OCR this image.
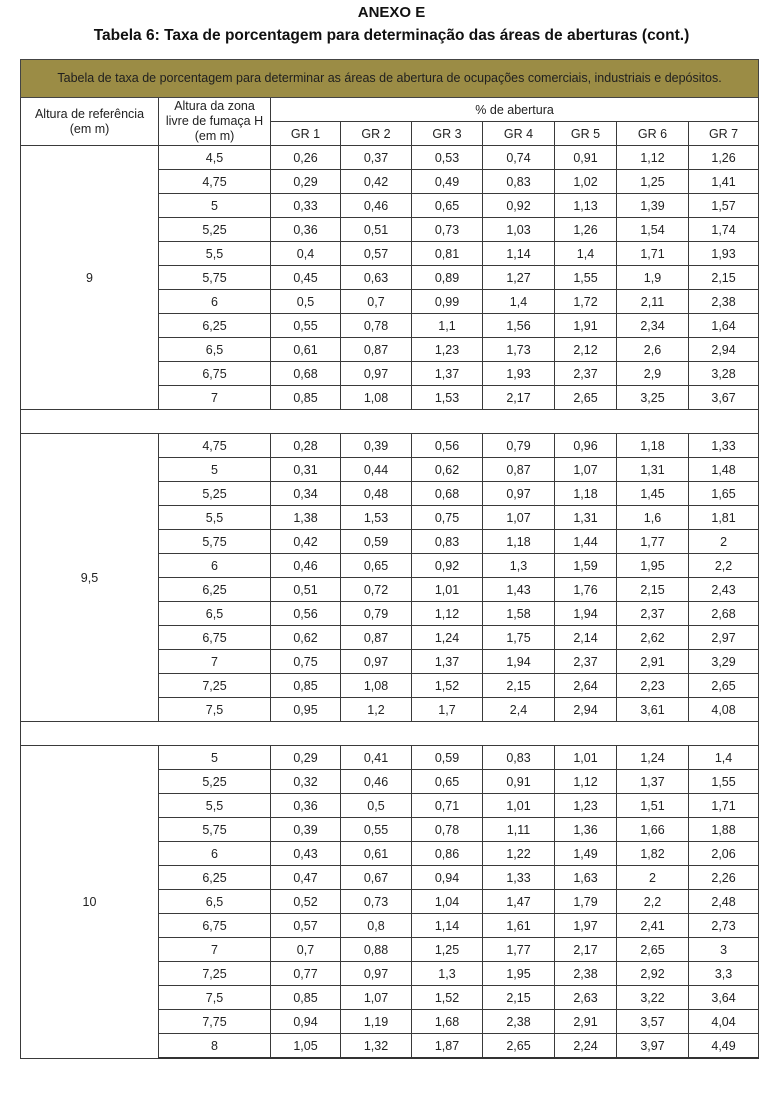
ANEXO E
Tabela 6: Taxa de porcentagem para determinação das áreas de aberturas (cont.)
Tabela de taxa de porcentagem para determinar as áreas de abertura de ocupações comerciais, industriais e depósitos.								
Altura de referência
(em m)	Altura da zona
livre de fumaça H
(em m)	% de abertura						
		GR 1	GR 2	GR 3	GR 4	GR 5	GR 6	GR 7
9	4,5	0,26	0,37	0,53	0,74	0,91	1,12	1,26
	4,75	0,29	0,42	0,49	0,83	1,02	1,25	1,41
	5	0,33	0,46	0,65	0,92	1,13	1,39	1,57
	5,25	0,36	0,51	0,73	1,03	1,26	1,54	1,74
	5,5	0,4	0,57	0,81	1,14	1,4	1,71	1,93
	5,75	0,45	0,63	0,89	1,27	1,55	1,9	2,15
	6	0,5	0,7	0,99	1,4	1,72	2,11	2,38
	6,25	0,55	0,78	1,1	1,56	1,91	2,34	1,64
	6,5	0,61	0,87	1,23	1,73	2,12	2,6	2,94
	6,75	0,68	0,97	1,37	1,93	2,37	2,9	3,28
	7	0,85	1,08	1,53	2,17	2,65	3,25	3,67

9,5	4,75	0,28	0,39	0,56	0,79	0,96	1,18	1,33
	5	0,31	0,44	0,62	0,87	1,07	1,31	1,48
	5,25	0,34	0,48	0,68	0,97	1,18	1,45	1,65
	5,5	1,38	1,53	0,75	1,07	1,31	1,6	1,81
	5,75	0,42	0,59	0,83	1,18	1,44	1,77	2
	6	0,46	0,65	0,92	1,3	1,59	1,95	2,2
	6,25	0,51	0,72	1,01	1,43	1,76	2,15	2,43
	6,5	0,56	0,79	1,12	1,58	1,94	2,37	2,68
	6,75	0,62	0,87	1,24	1,75	2,14	2,62	2,97
	7	0,75	0,97	1,37	1,94	2,37	2,91	3,29
	7,25	0,85	1,08	1,52	2,15	2,64	2,23	2,65
	7,5	0,95	1,2	1,7	2,4	2,94	3,61	4,08

10	5	0,29	0,41	0,59	0,83	1,01	1,24	1,4
	5,25	0,32	0,46	0,65	0,91	1,12	1,37	1,55
	5,5	0,36	0,5	0,71	1,01	1,23	1,51	1,71
	5,75	0,39	0,55	0,78	1,11	1,36	1,66	1,88
	6	0,43	0,61	0,86	1,22	1,49	1,82	2,06
	6,25	0,47	0,67	0,94	1,33	1,63	2	2,26
	6,5	0,52	0,73	1,04	1,47	1,79	2,2	2,48
	6,75	0,57	0,8	1,14	1,61	1,97	2,41	2,73
	7	0,7	0,88	1,25	1,77	2,17	2,65	3
	7,25	0,77	0,97	1,3	1,95	2,38	2,92	3,3
	7,5	0,85	1,07	1,52	2,15	2,63	3,22	3,64
	7,75	0,94	1,19	1,68	2,38	2,91	3,57	4,04
	8	1,05	1,32	1,87	2,65	2,24	3,97	4,49
